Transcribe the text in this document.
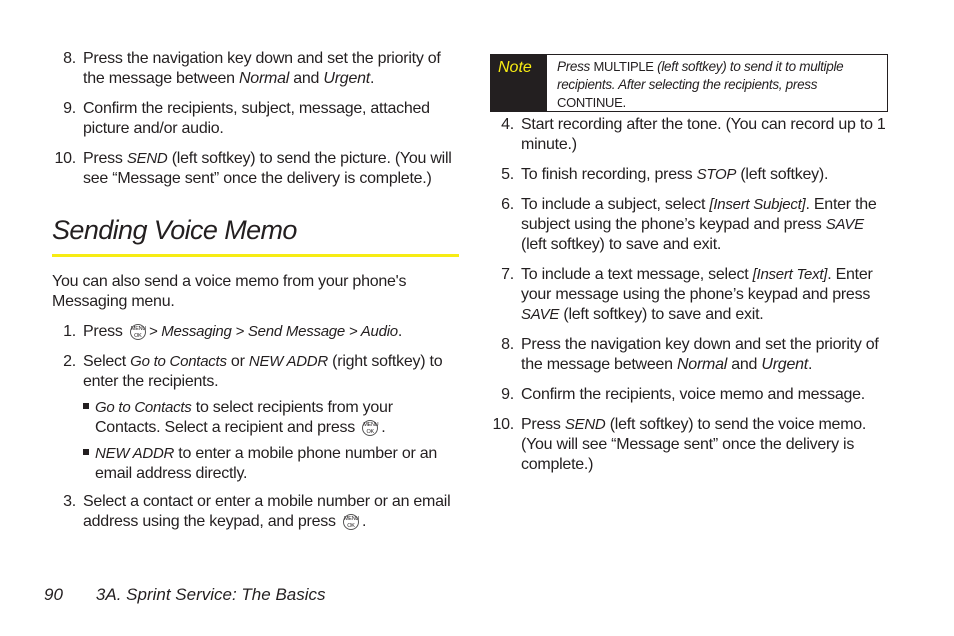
8. Press the navigation key down and set the priority of the message between Normal and Urgent.
9. Confirm the recipients, subject, message, attached picture and/or audio.
10. Press SEND (left softkey) to send the picture. (You will see “Message sent” once the delivery is complete.)
Sending Voice Memo

You can also send a voice memo from your phone's Messaging menu.

1. Press MENU
OK > Messaging > Send Message > Audio.
2. Select Go to Contacts or NEW ADDR (right softkey) to enter the recipients.
Go to Contacts to select recipients from your Contacts. Select a recipient and press MENU
OK .
NEW ADDR to enter a mobile phone number or an email address directly.
3. Select a contact or enter a mobile number or an email address using the keypad, and press MENU
OK .
Note	Press MULTIPLE (left softkey) to send it to multiple recipients. After selecting the recipients, press CONTINUE.
4. Start recording after the tone. (You can record up to 1 minute.)
5. To finish recording, press STOP (left softkey).
6. To include a subject, select [Insert Subject]. Enter the subject using the phone’s keypad and press SAVE (left softkey) to save and exit.
7. To include a text message, select [Insert Text]. Enter your message using the phone’s keypad and press SAVE (left softkey) to save and exit.
8. Press the navigation key down and set the priority of the message between Normal and Urgent.
9. Confirm the recipients, voice memo and message.
10. Press SEND (left softkey) to send the voice memo. (You will see “Message sent” once the delivery is complete.)
90 3A. Sprint Service: The Basics
